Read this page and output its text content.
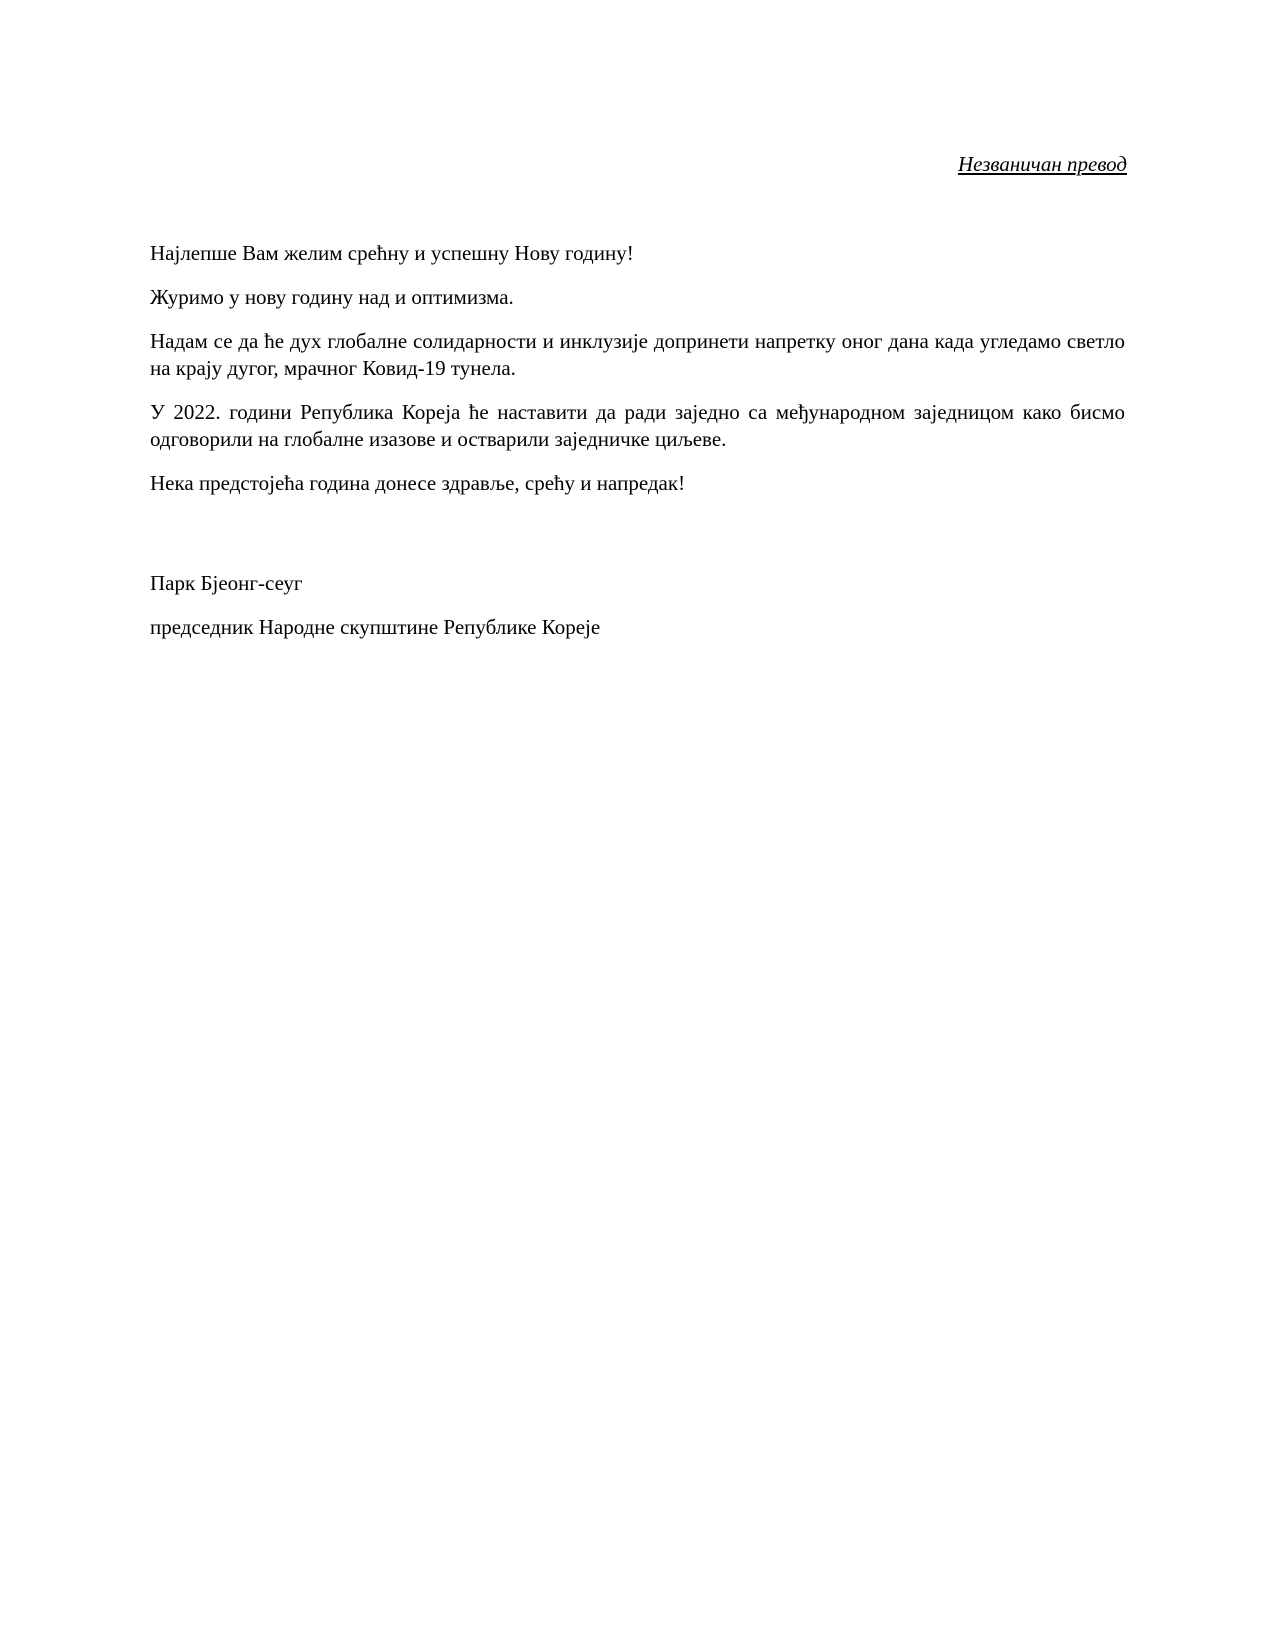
Незваничан превод

Најлепше Вам желим срећну и успешну Нову годину!

Журимо у нову годину над и оптимизма.

Надам се да ће дух глобалне солидарности и инклузије допринети напретку оног дана када угледамо светло на крају дугог, мрачног Ковид-19 тунела.

У 2022. години Република Кореја ће наставити да ради заједно са међународном заједницом како бисмо одговорили на глобалне изазове и остварили заједничке циљеве.

Нека предстојећа година донесе здравље, срећу и напредак!

Парк Бјеонг-сеуг

председник Народне скупштине Републике Кореје
